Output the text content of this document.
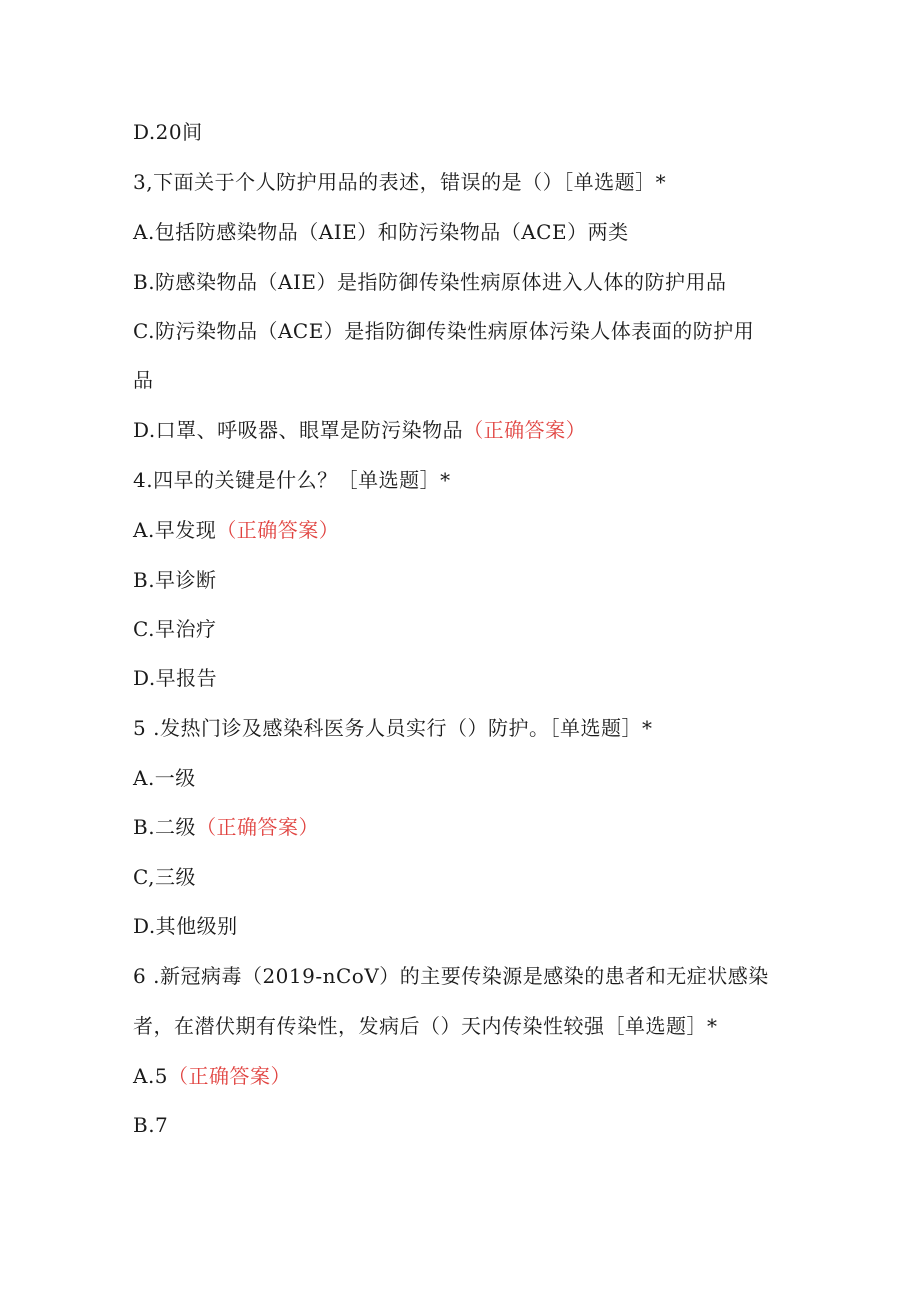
D.20间
3,下面关于个人防护用品的表述，错误的是（）［单选题］*
A.包括防感染物品（AIE）和防污染物品（ACE）两类
B.防感染物品（AIE）是指防御传染性病原体进入人体的防护用品
C.防污染物品（ACE）是指防御传染性病原体污染人体表面的防护用
品
D.口罩、呼吸器、眼罩是防污染物品（正确答案）
4.四早的关键是什么？［单选题］*
A.早发现（正确答案）
B.早诊断
C.早治疗
D.早报告
5 .发热门诊及感染科医务人员实行（）防护。［单选题］*
A.一级
B.二级（正确答案）
C,三级
D.其他级别
6 .新冠病毒（2019-nCoV）的主要传染源是感染的患者和无症状感染
者，在潜伏期有传染性，发病后（）天内传染性较强［单选题］*
A.5（正确答案）
B.7
